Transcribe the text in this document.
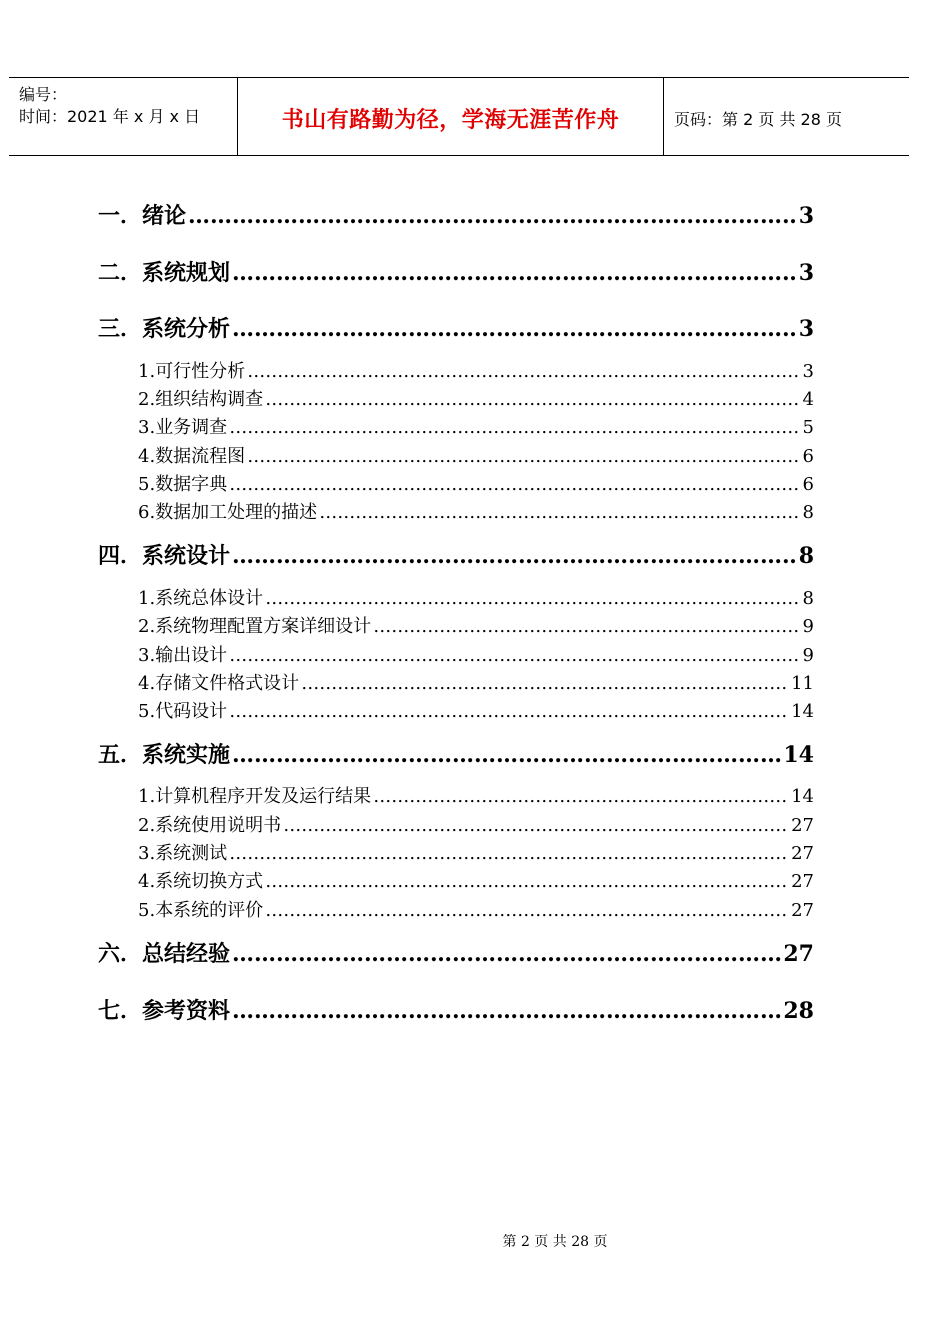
编号：
时间：2021 年 x 月 x 日	书山有路勤为径，学海无涯苦作舟	页码：第 2 页 共 28 页
一． 绪论 ……………………………………………………………………………………………………………………………………………………………………………………	3
二． 系统规划 ……………………………………………………………………………………………………………………………………………………………………………………	3
三． 系统分析 ……………………………………………………………………………………………………………………………………………………………………………………	3
1. 可行性分析 ……………………………………………………………………………………………………………………………………………………………………………………	3
2. 组织结构调查 ……………………………………………………………………………………………………………………………………………………………………………………	4
3. 业务调查 ……………………………………………………………………………………………………………………………………………………………………………………	5
4. 数据流程图 ……………………………………………………………………………………………………………………………………………………………………………………	6
5. 数据字典 ……………………………………………………………………………………………………………………………………………………………………………………	6
6. 数据加工处理的描述 ……………………………………………………………………………………………………………………………………………………………………………………	8
四． 系统设计 ……………………………………………………………………………………………………………………………………………………………………………………	8
1. 系统总体设计 ……………………………………………………………………………………………………………………………………………………………………………………	8
2. 系统物理配置方案详细设计 ……………………………………………………………………………………………………………………………………………………………………………………	9
3. 输出设计 ……………………………………………………………………………………………………………………………………………………………………………………	9
4. 存储文件格式设计 ……………………………………………………………………………………………………………………………………………………………………………………	11
5. 代码设计 ……………………………………………………………………………………………………………………………………………………………………………………	14
五． 系统实施 ……………………………………………………………………………………………………………………………………………………………………………………	14
1. 计算机程序开发及运行结果 ……………………………………………………………………………………………………………………………………………………………………………………	14
2. 系统使用说明书 ……………………………………………………………………………………………………………………………………………………………………………………	27
3. 系统测试 ……………………………………………………………………………………………………………………………………………………………………………………	27
4. 系统切换方式 ……………………………………………………………………………………………………………………………………………………………………………………	27
5. 本系统的评价 ……………………………………………………………………………………………………………………………………………………………………………………	27
六． 总结经验 ……………………………………………………………………………………………………………………………………………………………………………………	27
七． 参考资料 ……………………………………………………………………………………………………………………………………………………………………………………	28
第 2 页 共 28 页
